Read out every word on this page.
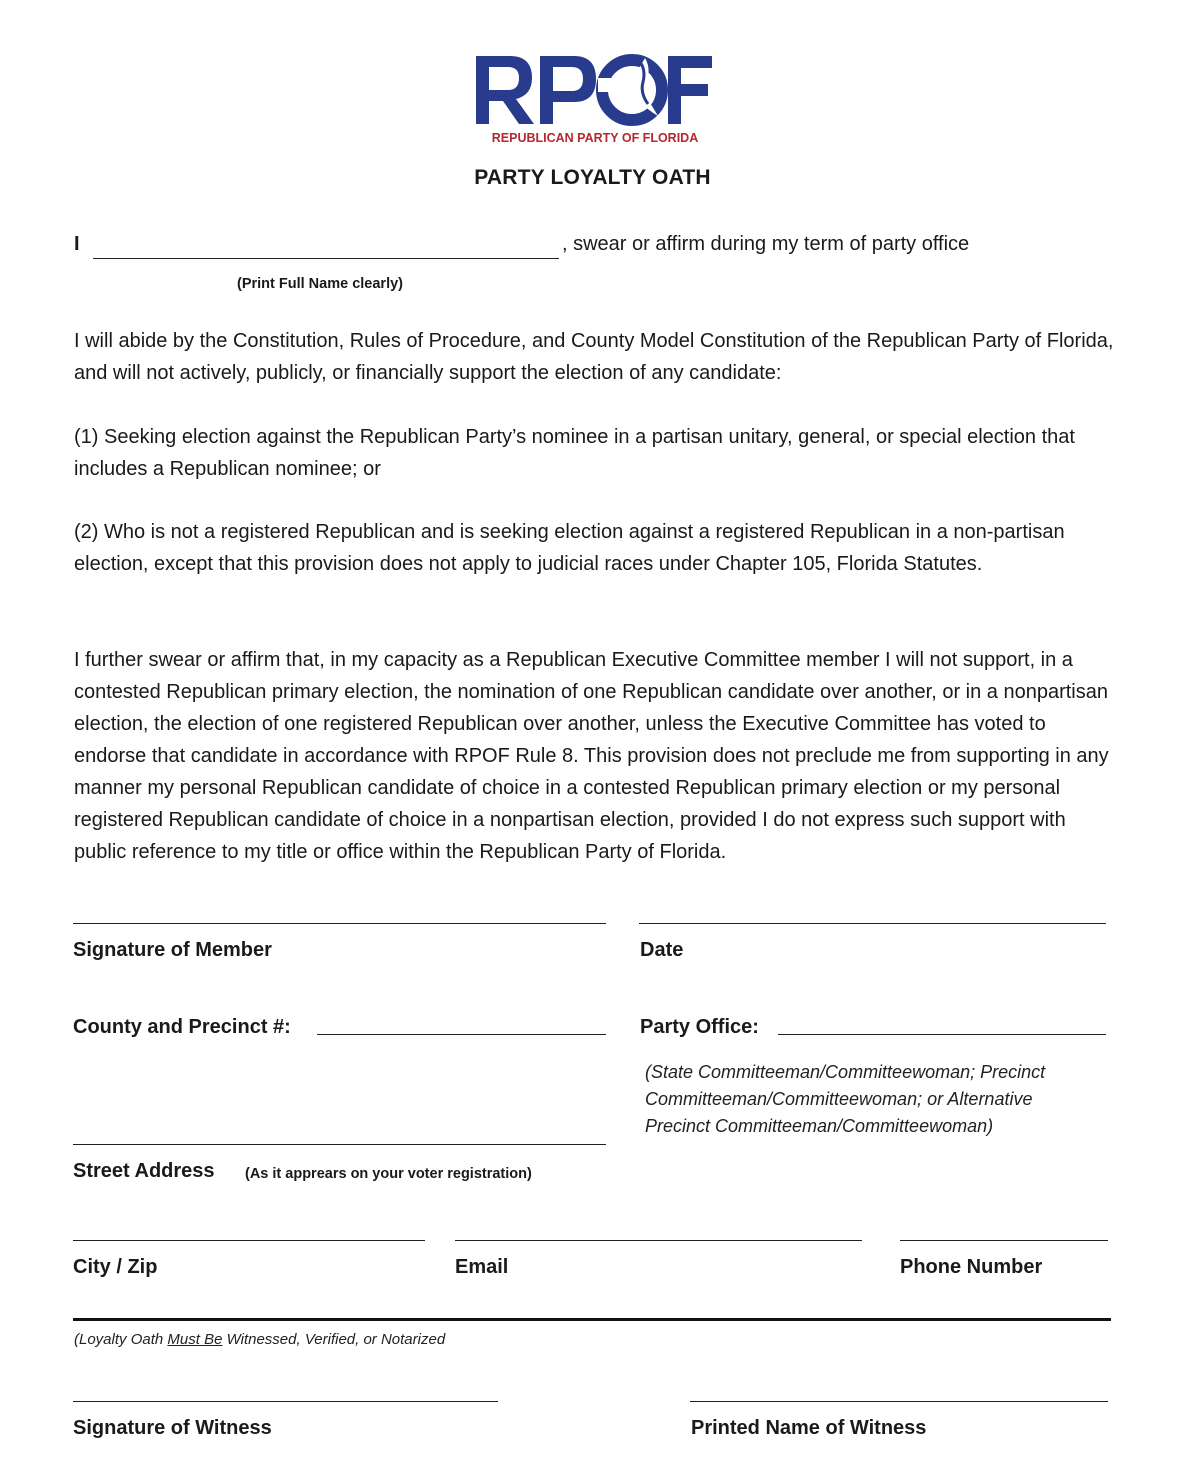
REPUBLICAN PARTY OF FLORIDA
PARTY LOYALTY OATH
I	, swear or affirm during my term of party office
(Print Full Name clearly)
I will abide by the Constitution, Rules of Procedure, and County Model Constitution of the Republican Party of Florida, and will not actively, publicly, or financially support the election of any candidate:
(1) Seeking election against the Republican Party’s nominee in a partisan unitary, general, or special election that includes a Republican nominee; or
(2) Who is not a registered Republican and is seeking election against a registered Republican in a non-partisan election, except that this provision does not apply to judicial races under Chapter 105, Florida Statutes.
I further swear or affirm that, in my capacity as a Republican Executive Committee member I will not support, in a contested Republican primary election, the nomination of one Republican candidate over another, or in a nonpartisan election, the election of one registered Republican over another, unless the Executive Committee has voted to endorse that candidate in accordance with RPOF Rule 8. This provision does not preclude me from supporting in any manner my personal Republican candidate of choice in a contested Republican primary election or my personal registered Republican candidate of choice in a nonpartisan election, provided I do not express such support with public reference to my title or office within the Republican Party of Florida.
Signature of Member	Date
County and Precinct #:	Party Office:
(State Committeeman/Committeewoman; Precinct Committeeman/Committeewoman; or Alternative Precinct Committeeman/Committeewoman)
Street Address (As it apprears on your voter registration)
City / Zip	Email	Phone Number
(Loyalty Oath Must Be Witnessed, Verified, or Notarized
Signature of Witness	Printed Name of Witness
